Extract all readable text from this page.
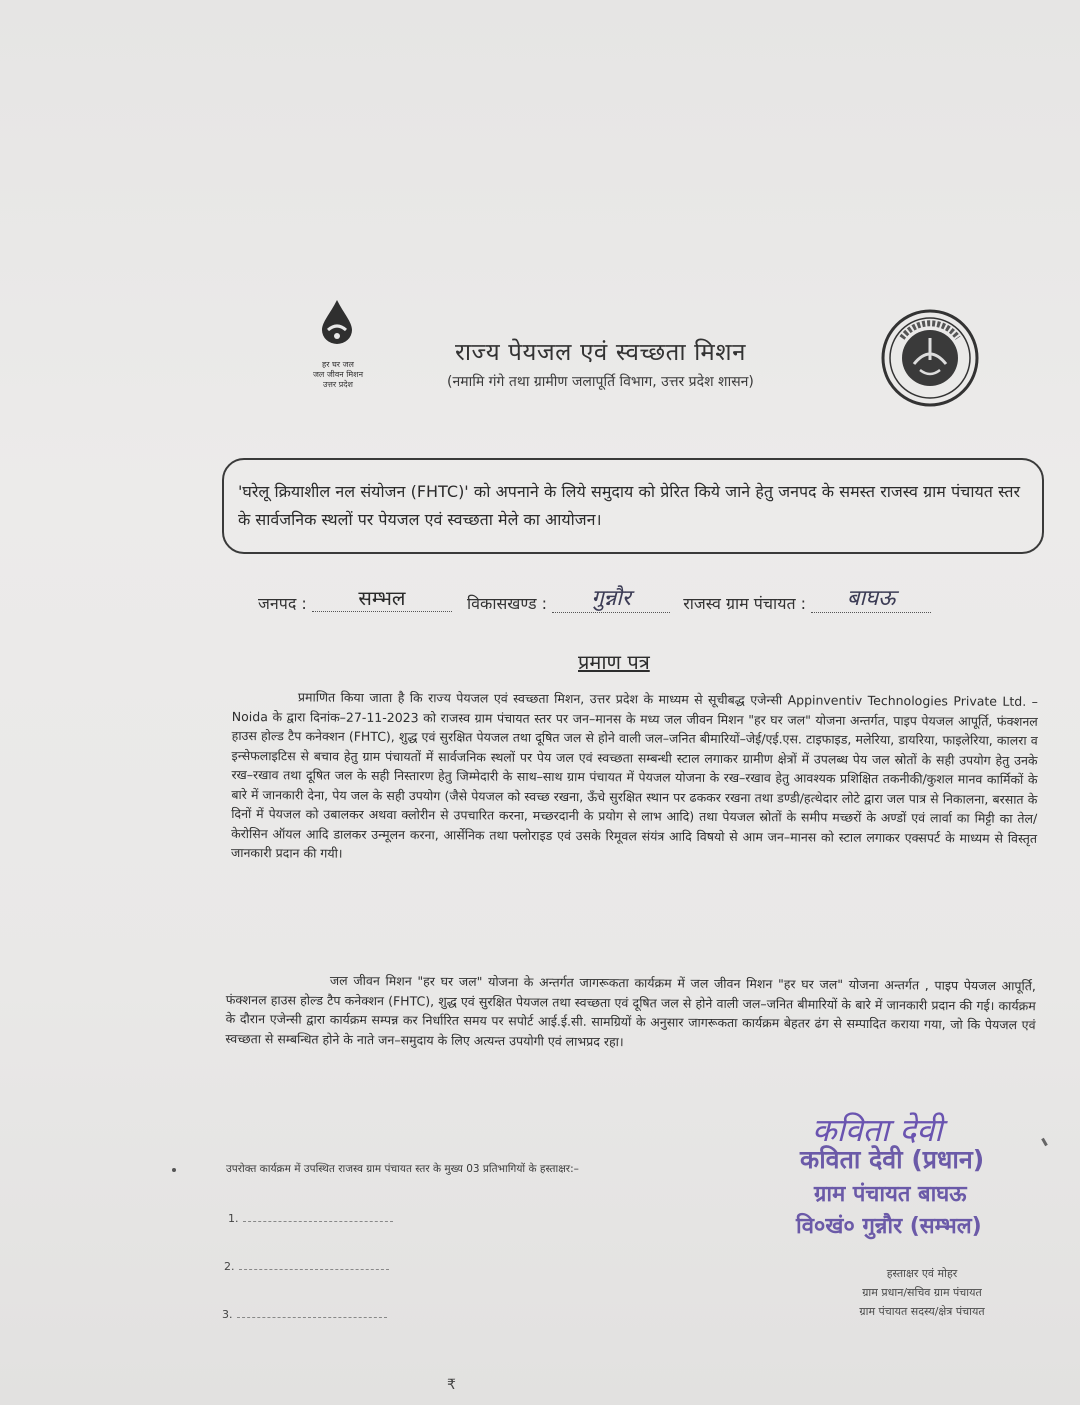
हर घर जल
जल जीवन मिशन
उत्तर प्रदेश
राज्य पेयजल एवं स्वच्छता मिशन
(नमामि गंगे तथा ग्रामीण जलापूर्ति विभाग, उत्तर प्रदेश शासन)
'घरेलू क्रियाशील नल संयोजन (FHTC)' को अपनाने के लिये समुदाय को प्रेरित किये जाने हेतु जनपद के समस्त राजस्व ग्राम पंचायत स्तर के सार्वजनिक स्थलों पर पेयजल एवं स्वच्छता मेले का आयोजन।
जनपद :	सम्भल	विकासखण्ड : गुन्नौर	राजस्व ग्राम पंचायत : बाघऊ
प्रमाण पत्र
प्रमाणित किया जाता है कि राज्य पेयजल एवं स्वच्छता मिशन, उत्तर प्रदेश के माध्यम से सूचीबद्ध एजेन्सी Appinventiv Technologies Private Ltd. – Noida के द्वारा दिनांक–27-11-2023 को राजस्व ग्राम पंचायत स्तर पर जन–मानस के मध्य जल जीवन मिशन "हर घर जल" योजना अन्तर्गत, पाइप पेयजल आपूर्ति, फंक्शनल हाउस होल्ड टैप कनेक्शन (FHTC), शुद्ध एवं सुरक्षित पेयजल तथा दूषित जल से होने वाली जल–जनित बीमारियों–जेई/एई.एस. टाइफाइड, मलेरिया, डायरिया, फाइलेरिया, कालरा व इन्सेफलाइटिस से बचाव हेतु ग्राम पंचायतों में सार्वजनिक स्थलों पर पेय जल एवं स्वच्छता सम्बन्धी स्टाल लगाकर ग्रामीण क्षेत्रों में उपलब्ध पेय जल स्रोतों के सही उपयोग हेतु उनके रख–रखाव तथा दूषित जल के सही निस्तारण हेतु जिम्मेदारी के साथ–साथ ग्राम पंचायत में पेयजल योजना के रख–रखाव हेतु आवश्यक प्रशिक्षित तकनीकी/कुशल मानव कार्मिकों के बारे में जानकारी देना, पेय जल के सही उपयोग (जैसे पेयजल को स्वच्छ रखना, ऊँचे सुरक्षित स्थान पर ढककर रखना तथा डण्डी/हत्थेदार लोटे द्वारा जल पात्र से निकालना, बरसात के दिनों में पेयजल को उबालकर अथवा क्लोरीन से उपचारित करना, मच्छरदानी के प्रयोग से लाभ आदि) तथा पेयजल स्रोतों के समीप मच्छरों के अण्डों एवं लार्वा का मिट्टी का तेल/केरोसिन ऑयल आदि डालकर उन्मूलन करना, आर्सेनिक तथा फ्लोराइड एवं उसके रिमूवल संयंत्र आदि विषयो से आम जन–मानस को स्टाल लगाकर एक्सपर्ट के माध्यम से विस्तृत जानकारी प्रदान की गयी।
जल जीवन मिशन "हर घर जल" योजना के अन्तर्गत जागरूकता कार्यक्रम में जल जीवन मिशन "हर घर जल" योजना अन्तर्गत , पाइप पेयजल आपूर्ति, फंक्शनल हाउस होल्ड टैप कनेक्शन (FHTC), शुद्ध एवं सुरक्षित पेयजल तथा स्वच्छता एवं दूषित जल से होने वाली जल–जनित बीमारियों के बारे में जानकारी प्रदान की गई। कार्यक्रम के दौरान एजेन्सी द्वारा कार्यक्रम सम्पन्न कर निर्धारित समय पर सपोर्ट आई.ई.सी. सामग्रियों के अनुसार जागरूकता कार्यक्रम बेहतर ढंग से सम्पादित कराया गया, जो कि पेयजल एवं स्वच्छता से सम्बन्धित होने के नाते जन–समुदाय के लिए अत्यन्त उपयोगी एवं लाभप्रद रहा।
कविता देवी
कविता देवी (प्रधान)
ग्राम पंचायत बाघऊ
वि०खं० गुन्नौर (सम्भल)
उपरोक्त कार्यक्रम में उपस्थित राजस्व ग्राम पंचायत स्तर के मुख्य 03 प्रतिभागियों के हस्ताक्षर:–
1.
2.
3.
हस्ताक्षर एवं मोहर
ग्राम प्रधान/सचिव ग्राम पंचायत
ग्राम पंचायत सदस्य/क्षेत्र पंचायत
₹
